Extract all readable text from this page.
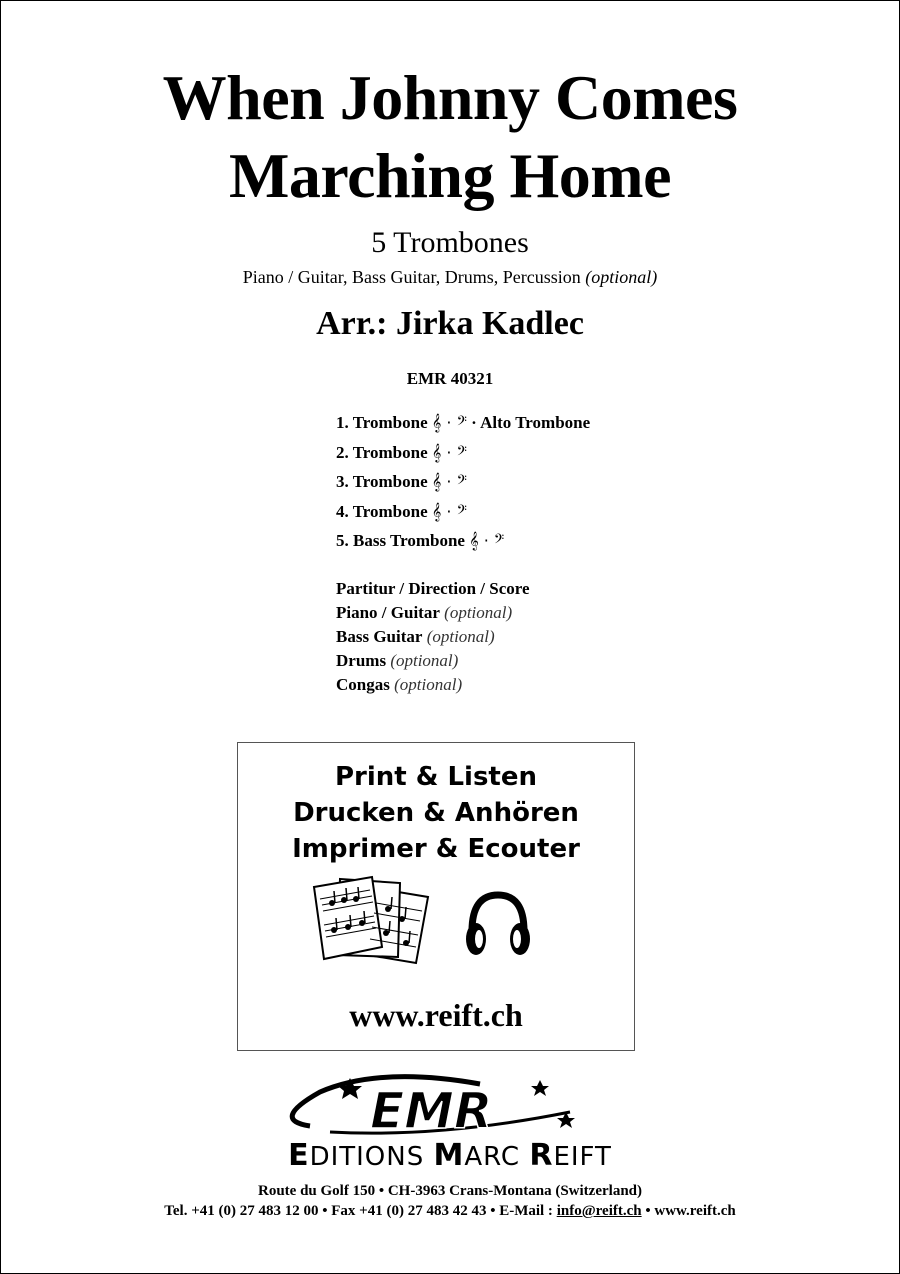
When Johnny Comes
Marching Home
5 Trombones
Piano / Guitar, Bass Guitar, Drums, Percussion (optional)
Arr.: Jirka Kadlec
EMR 40321
1. Trombone 𝄞 · 𝄢 · Alto Trombone
2. Trombone 𝄞 · 𝄢
3. Trombone 𝄞 · 𝄢
4. Trombone 𝄞 · 𝄢
5. Bass Trombone 𝄞 · 𝄢
Partitur / Direction / Score
Piano / Guitar (optional)
Bass Guitar (optional)
Drums (optional)
Congas (optional)
Print & Listen
Drucken & Anhören
Imprimer & Ecouter

www.reift.ch
EMR
EDITIONS MARC REIFT
Route du Golf 150 • CH-3963 Crans-Montana (Switzerland)
Tel. +41 (0) 27 483 12 00 • Fax +41 (0) 27 483 42 43 • E-Mail : info@reift.ch • www.reift.ch
